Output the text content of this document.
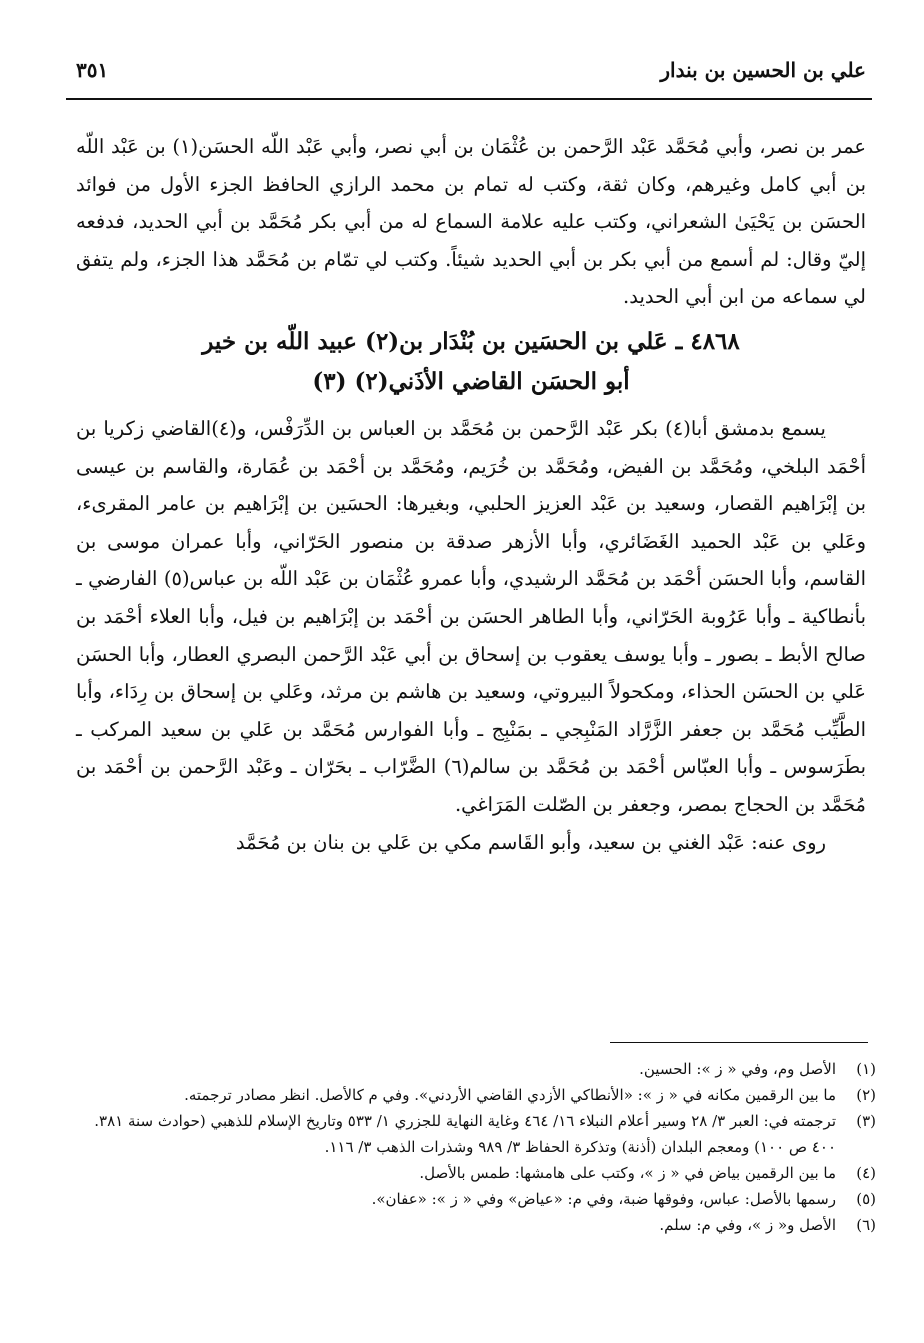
علي بن الحسين بن بندار
٣٥١

عمر بن نصر، وأبي مُحَمَّد عَبْد الرَّحمن بن عُثْمَان بن أبي نصر، وأبي عَبْد اللّه الحسَن(١) بن عَبْد اللّه بن أبي كامل وغيرهم، وكان ثقة، وكتب له تمام بن محمد الرازي الحافظ الجزء الأول من فوائد الحسَن بن يَحْيَىٰ الشعراني، وكتب عليه علامة السماع له من أبي بكر مُحَمَّد بن أبي الحديد، فدفعه إليّ وقال: لم أسمع من أبي بكر بن أبي الحديد شيئاً. وكتب لي تمّام بن مُحَمَّد هذا الجزء، ولم يتفق لي سماعه من ابن أبي الحديد.

٤٨٦٨ ـ عَلي بن الحسَين بن بُنْدَار بن(٢) عبيد اللّه بن خير
أبو الحسَن القاضي الأذَني(٢) (٣)

يسمع بدمشق أبا(٤) بكر عَبْد الرَّحمن بن مُحَمَّد بن العباس بن الدِّرَفْس، و(٤)القاضي زكريا بن أحْمَد البلخي، ومُحَمَّد بن الفيض، ومُحَمَّد بن خُرَيم، ومُحَمَّد بن أحْمَد بن عُمَارة، والقاسم بن عيسى بن إبْرَاهيم القصار، وسعيد بن عَبْد العزيز الحلبي، وبغيرها: الحسَين بن إبْرَاهيم بن عامر المقرىء، وعَلي بن عَبْد الحميد الغَضَائري، وأبا الأزهر صدقة بن منصور الحَرّاني، وأبا عمران موسى بن القاسم، وأبا الحسَن أحْمَد بن مُحَمَّد الرشيدي، وأبا عمرو عُثْمَان بن عَبْد اللّه بن عباس(٥) الفارضي ـ بأنطاكية ـ وأبا عَرُوبة الحَرّاني، وأبا الطاهر الحسَن بن أحْمَد بن إبْرَاهيم بن فيل، وأبا العلاء أحْمَد بن صالح الأبط ـ بصور ـ وأبا يوسف يعقوب بن إسحاق بن أبي عَبْد الرَّحمن البصري العطار، وأبا الحسَن عَلي بن الحسَن الحذاء، ومكحولاً البيروتي، وسعيد بن هاشم بن مرثد، وعَلي بن إسحاق بن رِدَاء، وأبا الطَّيِّب مُحَمَّد بن جعفر الزَّرَّاد المَنْبِجي ـ بمَنْبِج ـ وأبا الفوارس مُحَمَّد بن عَلي بن سعيد المركب ـ بطَرَسوس ـ وأبا العبّاس أحْمَد بن مُحَمَّد بن سالم(٦) الضَّرّاب ـ بحَرّان ـ وعَبْد الرَّحمن بن أحْمَد بن مُحَمَّد بن الحجاج بمصر، وجعفر بن الصّلت المَرَاغي.

روى عنه: عَبْد الغني بن سعيد، وأبو القَاسم مكي بن عَلي بن بنان بن مُحَمَّد

(١)
الأصل وم، وفي « ز »: الحسين.
(٢)
ما بين الرقمين مكانه في « ز »: «الأنطاكي الأزدي القاضي الأردني». وفي م كالأصل. انظر مصادر ترجمته.
(٣)
ترجمته في: العبر ٣/ ٢٨ وسير أعلام النبلاء ١٦/ ٤٦٤ وغاية النهاية للجزري ١/ ٥٣٣ وتاريخ الإسلام للذهبي (حوادث سنة ٣٨١. ٤٠٠ ص ١٠٠) ومعجم البلدان (أذنة) وتذكرة الحفاظ ٣/ ٩٨٩ وشذرات الذهب ٣/ ١١٦.
(٤)
ما بين الرقمين بياض في « ز »، وكتب على هامشها: طمس بالأصل.
(٥)
رسمها بالأصل: عباس، وفوقها ضبة، وفي م: «عياض» وفي « ز »: «عفان».
(٦)
الأصل و« ز »، وفي م: سلم.
